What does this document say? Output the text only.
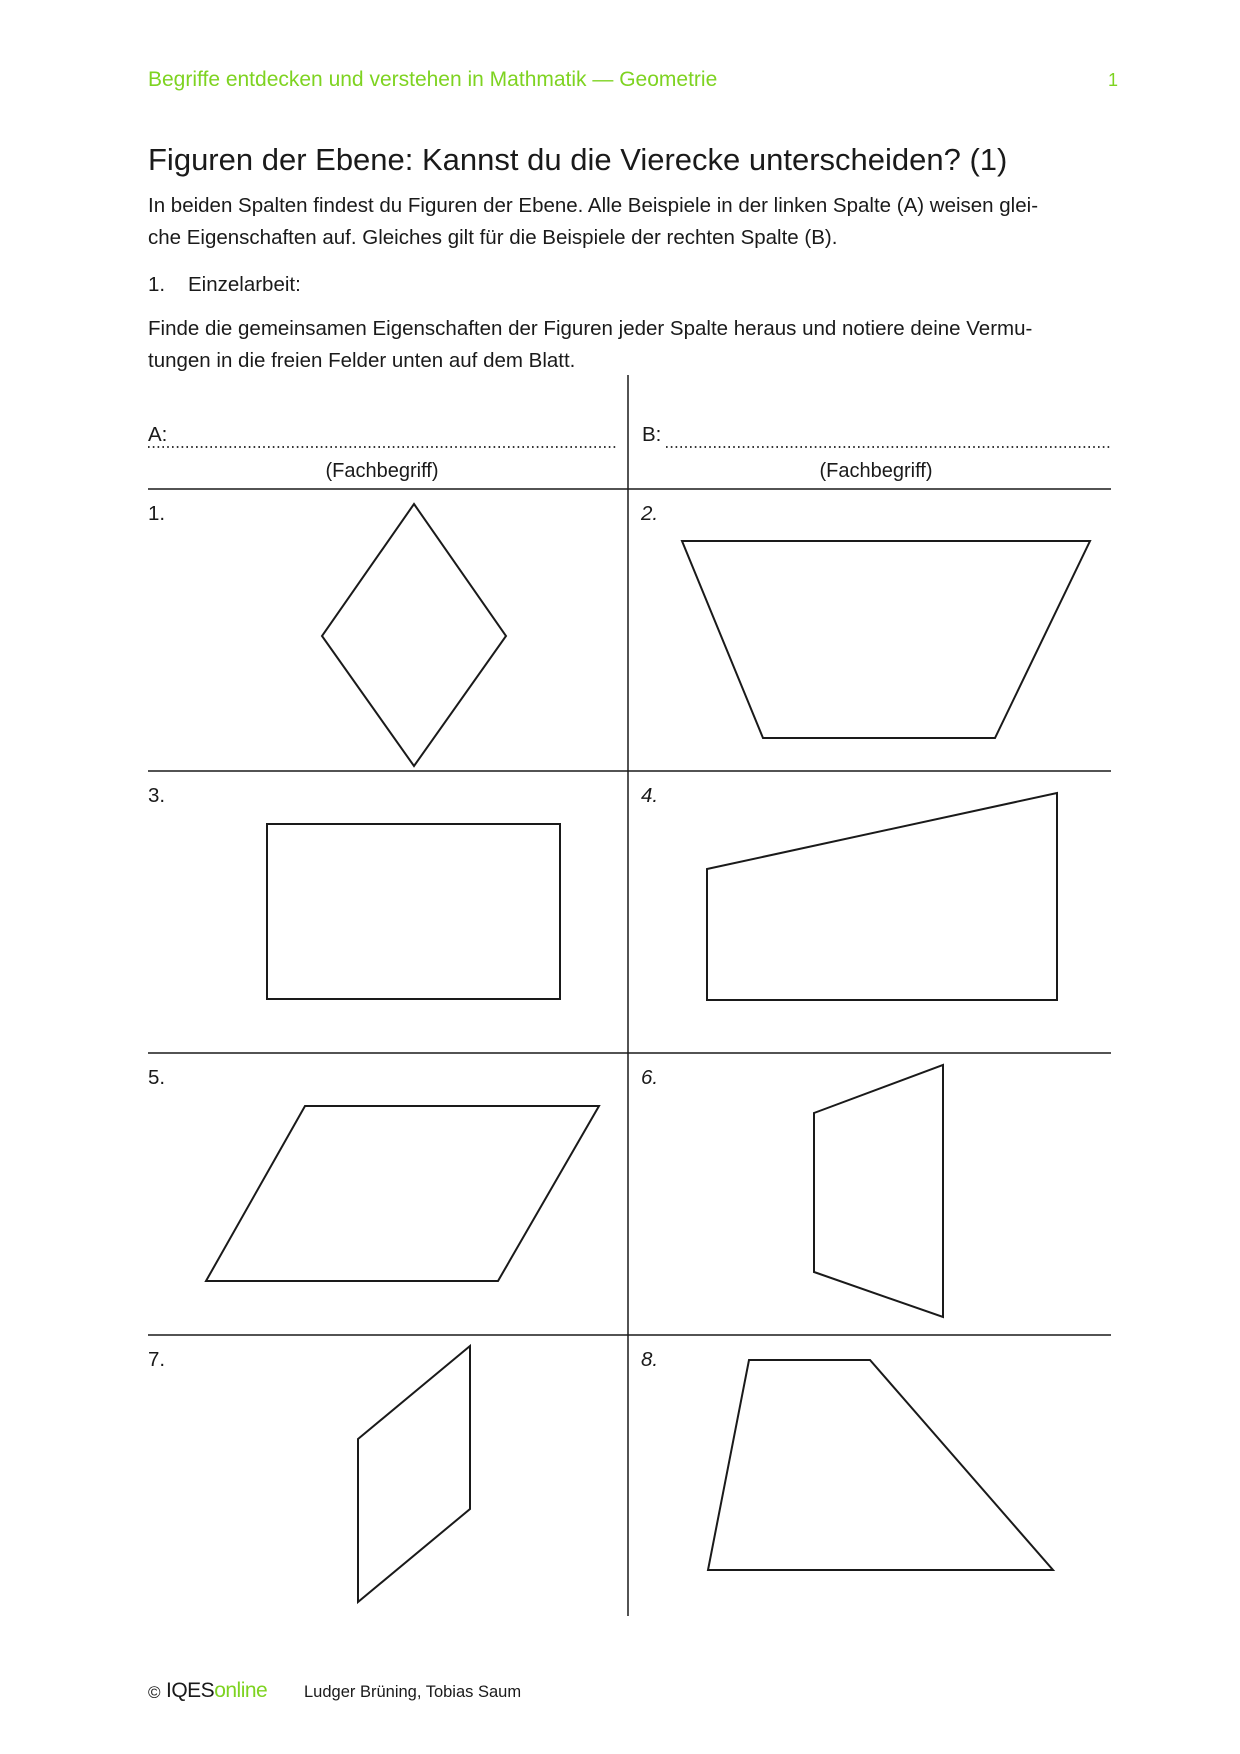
Begriffe entdecken und verstehen in Mathmatik — Geometrie	1
Figuren der Ebene: Kannst du die Vierecke unterscheiden? (1)
In beiden Spalten findest du Figuren der Ebene. Alle Beispiele in der linken Spalte (A) weisen glei-
che Eigenschaften auf. Gleiches gilt für die Beispiele der rechten Spalte (B).
1. Einzelarbeit:
Finde die gemeinsamen Eigenschaften der Figuren jeder Spalte heraus und notiere deine Vermu-
tungen in die freien Felder unten auf dem Blatt.
A:	B:
(Fachbegriff)	(Fachbegriff)
1.	2.
3.	4.
5.	6.
7.	8.
© IQESonline Ludger Brüning, Tobias Saum
